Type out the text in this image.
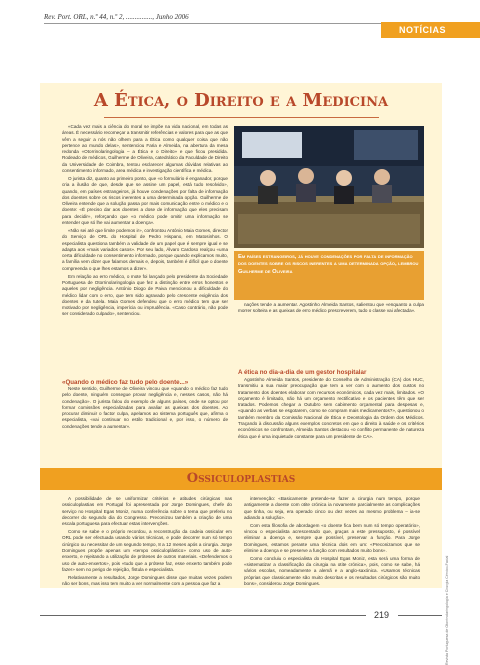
Rev. Port. ORL, n.º 44, n.º 2, ..............., Junho 2006
NOTÍCIAS
A Ética, o Direito e a Medicina

«Cada vez mais a ciência do moral se impõe na vida nacional, em todas as áreas. É necessário recomeçar a transmitir referências e valores para que as que vêm a seguir a nós não olhem para a Ética como qualquer coisa que não pertence ao mundo delas», sentenciou Faria e Almeida, na abertura da mesa redonda «Otorrinolaringologia – a Ética e o Direito» e que ficou presidida. Rodeado de médicos, Guilherme de Oliveira, catedrático da Faculdade de Direito da Universidade de Coimbra, tentou esclarecer algumas dúvidas relativas ao consentimento informado, area médica e investigação científica e médica.

O jurista diz, quanto ao primeiro ponto, que «o formulário é enganador, porque cria a ilusão de que, desde que se assine um papel, está tudo resolvido», quando, em países estrangeiros, já houve condenações por falta de informação dos doentes sobre os riscos inerentes a uma determinada opção. Guilherme de Oliveira entende que a solução passa por mais comunicação entre o médico e o doente: «É preciso dar aos doentes a dose de informação que eles precisam para decidir», reforçando que «o médico pode omitir uma informação se entender que só lhe vai aumentar a doença».

«Não sei até que limite podemos ir», confrontou António Maia Gomes, director do Serviço de ORL do Hospital de Pedro Hispano, em Matosinhos. O especialista questiona também a validade de um papel que é sempre igual e se adapta aos «mais variados casos». Por seu lado, Álvaro Cardoso realçou «uma certa dificuldade no consentimento informado, porque quando explicamos muito, a família vem dizer que falamos demais e, depois, também é difícil que o doente compreenda o que lhes estamos a dizer».

Em relação ao erro médico, o mote foi lançado pelo presidente da Sociedade Portuguesa de Otorrinolaringologia que fez a distinção entre erros honestos e aqueles por negligência. António Diogo de Paiva mencionou a dificuldade do médico lidar com o erro, que tem sido agravado pelo crescente exigência dos doentes e da tutela. Maia Gomes defendeu que o erro médico tem que ser motivado por negligência, imperícia ou imprudência. «Caso contrário, não pode ser considerado culpado», sentenciou.

«Quando o médico faz tudo pelo doente...»

Neste sentido, Guilherme de Oliveira vincou que «quando o médico faz tudo pelo doente, ninguém consegue provar negligência e, nesses casos, não há condenação». O jurista falou do exemplo de alguns países, onde se optou por formar comissões especializadas para avaliar as queixas dos doentes. Ao procurar diminuir o factor culpa, apelamos ao sistema português que, afirma o especialista, «vai continuar no estilo tradicional e, por isso, o número de condenações tende a aumentar».

Em países estrangeiros, já houve condenações por falta de informação dos doentes sobre os riscos inerentes a uma determinada opção, lembrou Guilherme de Oliveira

nações tende a aumentar. Agostinho Almeida Santos, salientou que «enquanto a culpa morrer solteira e as queixas de erro médico prescreverem, tudo o classe vai afectada».

A ética no dia-a-dia de um gestor hospitalar

Agostinho Almeida Santos, presidente do Conselho de Administração (CA) dos HUC, transmitiu a sua maior preocupação que tem a ver com o aumento dos custos no tratamento dos doentes elaborar com recursos económicos, cada vez mais, limitados. «O orçamento é limitado, não há um orçamento rectificativo e os pacientes têm que ser tratados. Podemos chegar a Outubro sem cabimento orçamental para despesas e, «quando as verbas se esgotarem, como se compram mais medicamentos?», questionou o também membro da Comissão Nacional de Ética e Deontologia da Ordem dos Médicos. Traçando à discussão alguns exemplos concretos em que o direito à saúde e os critérios económicos se confrontam, Almeida Santos destacou «o conflito permanente de natureza ética que é uma inquietude constante para um presidente de CA».

Ossiculoplastias

A possibilidade de se uniformizar critérios e atitudes cirúrgicas nas ossiculoplastias em Portugal foi apresentada por Jorge Domingues, chefe do serviço no Hospital Egas Moniz, numa conferência sobre o tema que preferiu no decorrer do segundo dia do Congresso. Preconizou também a criação de uma escala portuguesa para efectuar estas intervenções.

Como se sabe e o próprio recordou, a reconstrução da cadeia ossicular em ORL pode ser efectuada usando vários técnicas, e pode decorrer num só tempo cirúrgico ou necessitar de um segundo tempo, 8 a 12 meses após a cirurgia. Jorge Domingues propõe apenas um «tempo ossiculoplástico» como uso de auto-enxerto, e rejeitando a utilização de próteses de outros materiais. «Defendemos o uso de auto-enxertos», pois «tudo que a prótese faz, esse enxerto também pode fazer» sem no perigo de rejeição, fístula e especialista.

Relativamente a resultados, Jorge Domingues disse que muitas vezes podem não ser bons, mas isso tem muito a ver normalmente com a pessoa que faz a

intervenção: «Basicamente pretende-se fazer a cirurgia num tempo, porque antigamente a doente com otite crónica ia novamente parcialmente as complicações que tinha, ou seja, era operado cinco ou dez vezes ao mesmo problema – ia-se adiando a solução».

Com esta filosofia de abordagem «o doente fica bem num só tempo operatório», vincou o especialista acrescentado que, graças a este pressuposto, é possível eliminar a doença e, sempre que possível, preservar a função. Para Jorge Domingues, estamos perante uma técnica dois em um: «Preconizamos que se elimine a doença e se preserve a função com resultados muito bons».

Como concluiu o especialista do Hospital Egas Moniz, esta será uma forma de «sistematizar a classificação da cirurgia na otite crónica», pois, como se sabe, há vários escolas, nomeadamente a alemã e a anglo-saxónica. «Usamos técnicas próprias que classicamente são muito descritas e os resultados cirúrgicos são muito bons», considerou Jorge Domingues.	Revista Portuguesa de Otorrinolaringologia e Cirurgia Cérvico-Facial
219
